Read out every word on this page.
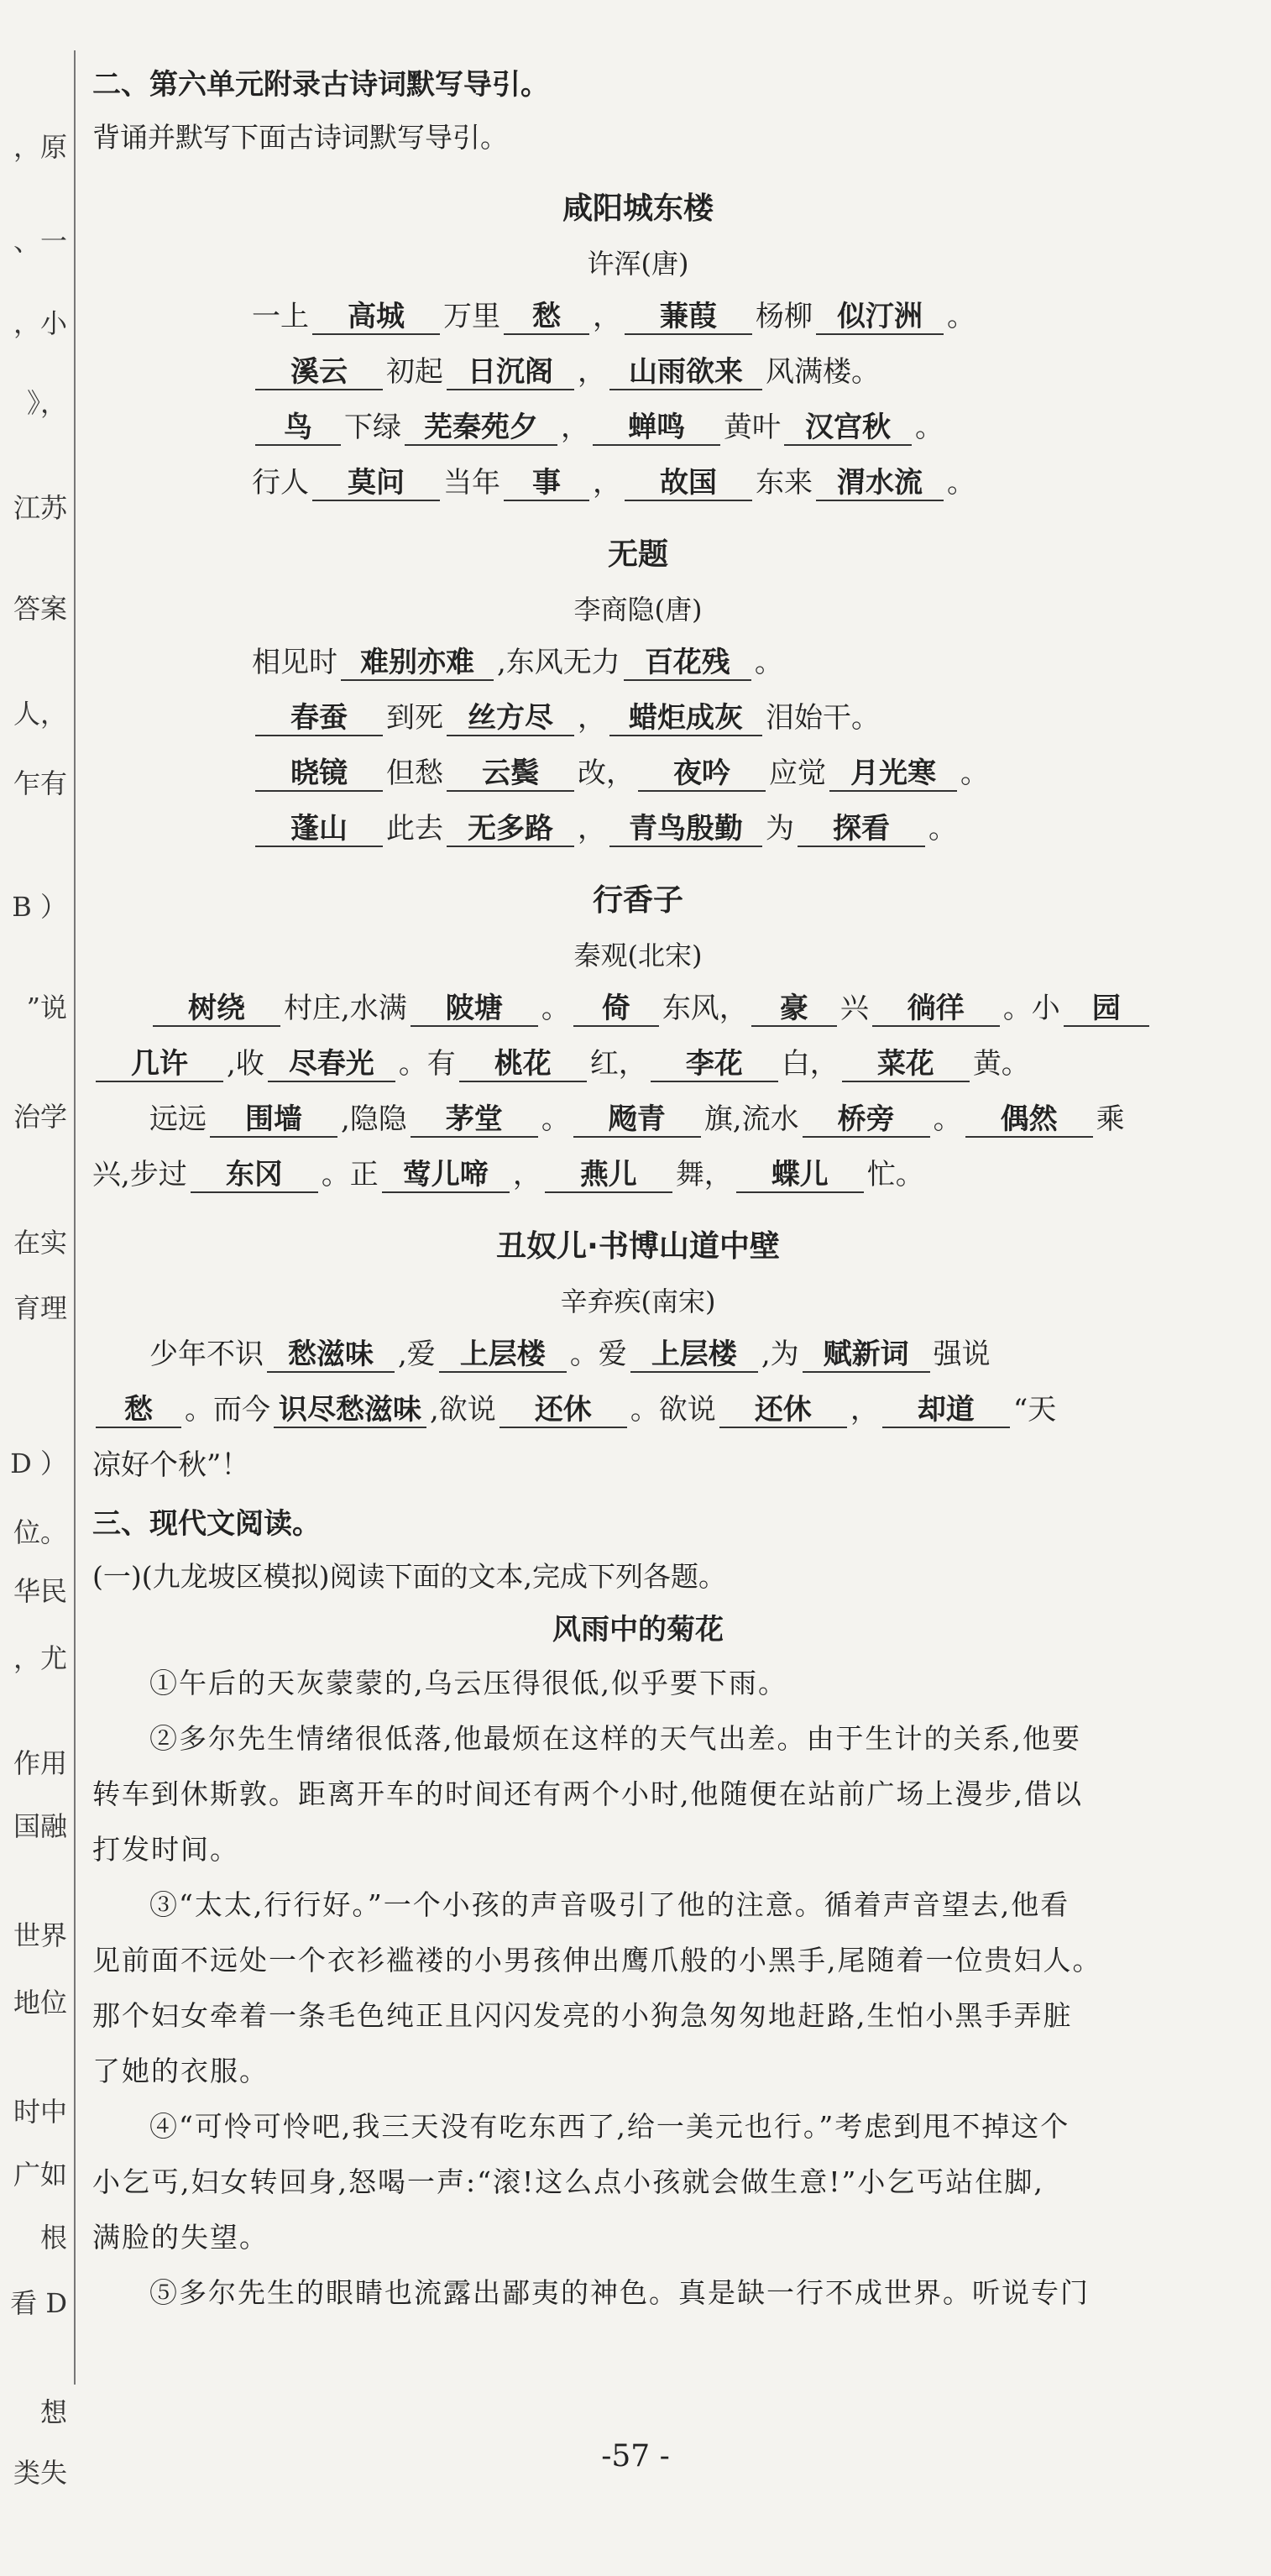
，原
、一
，小
》，
江苏
答案
人，
乍有
B ）
”说
治学
在实
育理
D ）
位。
华民
，尤
作用
国融
世界
地位
时中
广如
根
看 D
想
类失
二、第六单元附录古诗词默写导引。
背诵并默写下面古诗词默写导引。
咸阳城东楼
许浑(唐)
一上 高城 万里 愁 ， 蒹葭 杨柳 似汀洲 。
溪云 初起 日沉阁 ， 山雨欲来 风满楼。
鸟 下绿 芜秦苑夕 ， 蝉鸣 黄叶 汉宫秋 。
行人 莫问 当年 事 ， 故国 东来 渭水流 。
无题
李商隐(唐)
相见时 难别亦难 ,东风无力 百花残 。
春蚕 到死 丝方尽 ， 蜡炬成灰 泪始干。
晓镜 但愁 云鬓 改， 夜吟 应觉 月光寒 。
蓬山 此去 无多路 ， 青鸟殷勤 为 探看 。
行香子
秦观(北宋)
树绕 村庄,水满 陂塘 。 倚 东风， 豪 兴 徜徉 。小 园
几许 ,收 尽春光 。有 桃花 红， 李花 白， 菜花 黄。
远远 围墙 ,隐隐 茅堂 。 飏青 旗,流水 桥旁 。 偶然 乘
兴,步过 东冈 。正 莺儿啼 ， 燕儿 舞， 蝶儿 忙。
丑奴儿·书博山道中壁
辛弃疾(南宋)
少年不识 愁滋味 ,爱 上层楼 。爱 上层楼 ,为 赋新词 强说
愁 。而今 识尽愁滋味 ,欲说 还休 。欲说 还休 ， 却道 “天
凉好个秋”！
三、现代文阅读。
(一)(九龙坡区模拟)阅读下面的文本,完成下列各题。
风雨中的菊花
①午后的天灰蒙蒙的,乌云压得很低,似乎要下雨。
②多尔先生情绪很低落,他最烦在这样的天气出差。由于生计的关系,他要
转车到休斯敦。距离开车的时间还有两个小时,他随便在站前广场上漫步,借以
打发时间。
③“太太,行行好。”一个小孩的声音吸引了他的注意。循着声音望去,他看
见前面不远处一个衣衫褴褛的小男孩伸出鹰爪般的小黑手,尾随着一位贵妇人。
那个妇女牵着一条毛色纯正且闪闪发亮的小狗急匆匆地赶路,生怕小黑手弄脏
了她的衣服。
④“可怜可怜吧,我三天没有吃东西了,给一美元也行。”考虑到甩不掉这个
小乞丐,妇女转回身,怒喝一声:“滚!这么点小孩就会做生意!”小乞丐站住脚,
满脸的失望。
⑤多尔先生的眼睛也流露出鄙夷的神色。真是缺一行不成世界。听说专门
-57 -
